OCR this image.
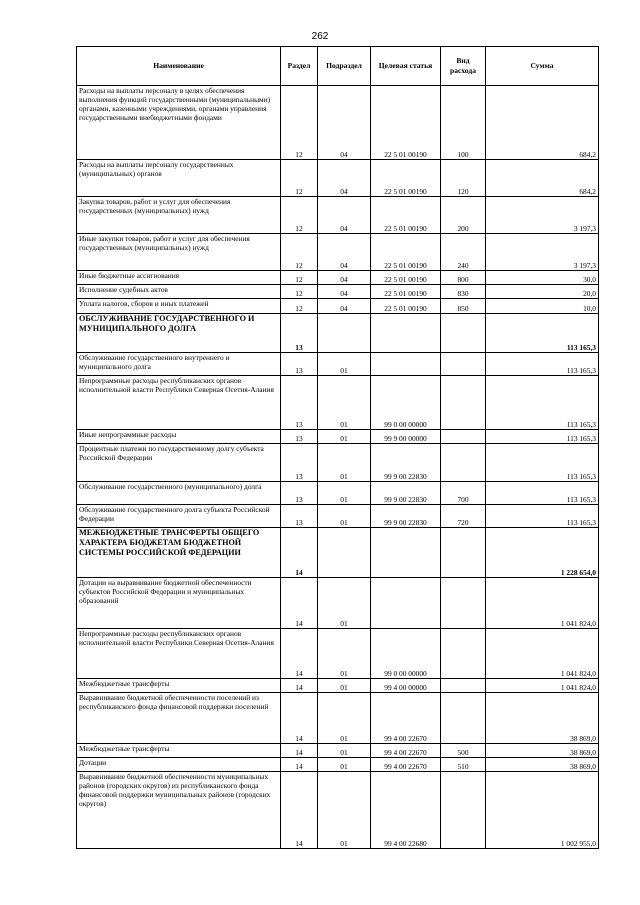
262
Наименование	Раздел	Подраздел	Целевая статья	Вид расхода	Сумма
Расходы на выплаты персоналу в целях обеспечения выполнения функций государственными (муниципальными) органами, казенными учреждениями, органами управления государственными внебюджетными фондами	12	04	22 5 01 00190	100	684,2
Расходы на выплаты персоналу государственных (муниципальных) органов	12	04	22 5 01 00190	120	684,2
Закупка товаров, работ и услуг для обеспечения государственных (муниципальных) нужд	12	04	22 5 01 00190	200	3 197,3
Иные закупки товаров, работ и услуг для обеспечения государственных (муниципальных) нужд	12	04	22 5 01 00190	240	3 197,3
Иные бюджетные ассигнования	12	04	22 5 01 00190	800	30,0
Исполнение судебных актов	12	04	22 5 01 00190	830	20,0
Уплата налогов, сборов и иных платежей	12	04	22 5 01 00190	850	10,0
ОБСЛУЖИВАНИЕ ГОСУДАРСТВЕННОГО И МУНИЦИПАЛЬНОГО ДОЛГА	13				113 165,3
Обслуживание государственного внутреннего и муниципального долга	13	01			113 165,3
Непрограммные расходы республиканских органов исполнительной власти Республики Северная Осетия-Алания	13	01	99 0 00 00000		113 165,3
Иные непрограммные расходы	13	01	99 9 00 00000		113 165,3
Процентные платежи по государственному долгу субъекта Российской Федерации	13	01	99 9 00 22830		113 165,3
Обслуживание государственного (муниципального) долга	13	01	99 9 00 22830	700	113 165,3
Обслуживание государственного долга субъекта Российской Федерации	13	01	99 9 00 22830	720	113 165,3
МЕЖБЮДЖЕТНЫЕ ТРАНСФЕРТЫ ОБЩЕГО ХАРАКТЕРА БЮДЖЕТАМ БЮДЖЕТНОЙ СИСТЕМЫ РОССИЙСКОЙ ФЕДЕРАЦИИ	14				1 228 654,0
Дотации на выравнивание бюджетной обеспеченности субъектов Российской Федерации и муниципальных образований	14	01			1 041 824,0
Непрограммные расходы республиканских органов исполнительной власти Республики Северная Осетия-Алания	14	01	99 0 00 00000		1 041 824,0
Межбюджетные трансферты	14	01	99 4 00 00000		1 041 824,0
Выравнивание бюджетной обеспеченности поселений из республиканского фонда финансовой поддержки поселений	14	01	99 4 00 22670		38 869,0
Межбюджетные трансферты	14	01	99 4 00 22670	500	38 869,0
Дотации	14	01	99 4 00 22670	510	38 869,0
Выравнивание бюджетной обеспеченности муниципальных районов (городских округов) из республиканского фонда финансовой поддержки муниципальных районов (городских округов)	14	01	99 4 00 22680		1 002 955,0
